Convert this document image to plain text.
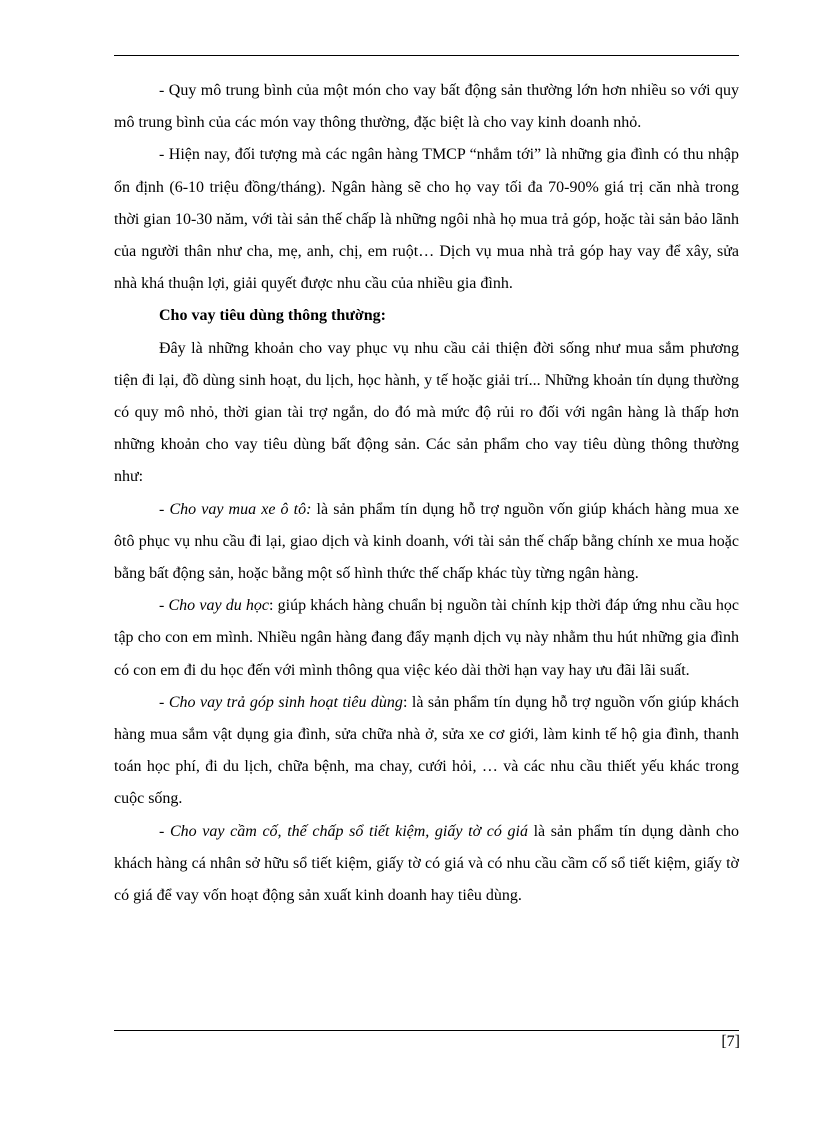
- Quy mô trung bình của một món cho vay bất động sản thường lớn hơn nhiều so với quy mô trung bình của các món vay thông thường, đặc biệt là cho vay kinh doanh nhỏ.

- Hiện nay, đối tượng mà các ngân hàng TMCP “nhắm tới” là những gia đình có thu nhập ổn định (6-10 triệu đồng/tháng). Ngân hàng sẽ cho họ vay tối đa 70-90% giá trị căn nhà trong thời gian 10-30 năm, với tài sản thế chấp là những ngôi nhà họ mua trả góp, hoặc tài sản bảo lãnh của người thân như cha, mẹ, anh, chị, em ruột… Dịch vụ mua nhà trả góp hay vay để xây, sửa nhà khá thuận lợi, giải quyết được nhu cầu của nhiều gia đình.

Cho vay tiêu dùng thông thường:

Đây là những khoản cho vay phục vụ nhu cầu cải thiện đời sống như mua sắm phương tiện đi lại, đồ dùng sinh hoạt, du lịch, học hành, y tế hoặc giải trí... Những khoản tín dụng thường có quy mô nhỏ, thời gian tài trợ ngắn, do đó mà mức độ rủi ro đối với ngân hàng là thấp hơn những khoản cho vay tiêu dùng bất động sản. Các sản phẩm cho vay tiêu dùng thông thường như:

- Cho vay mua xe ô tô: là sản phẩm tín dụng hỗ trợ nguồn vốn giúp khách hàng mua xe ôtô phục vụ nhu cầu đi lại, giao dịch và kinh doanh, với tài sản thế chấp bằng chính xe mua hoặc bằng bất động sản, hoặc bằng một số hình thức thế chấp khác tùy từng ngân hàng.

- Cho vay du học: giúp khách hàng chuẩn bị nguồn tài chính kịp thời đáp ứng nhu cầu học tập cho con em mình. Nhiều ngân hàng đang đẩy mạnh dịch vụ này nhằm thu hút những gia đình có con em đi du học đến với mình thông qua việc kéo dài thời hạn vay hay ưu đãi lãi suất.

- Cho vay trả góp sinh hoạt tiêu dùng: là sản phẩm tín dụng hỗ trợ nguồn vốn giúp khách hàng mua sắm vật dụng gia đình, sửa chữa nhà ở, sửa xe cơ giới, làm kinh tế hộ gia đình, thanh toán học phí, đi du lịch, chữa bệnh, ma chay, cưới hỏi, … và các nhu cầu thiết yếu khác trong cuộc sống.

- Cho vay cầm cố, thế chấp sổ tiết kiệm, giấy tờ có giá là sản phẩm tín dụng dành cho khách hàng cá nhân sở hữu sổ tiết kiệm, giấy tờ có giá và có nhu cầu cầm cố sổ tiết kiệm, giấy tờ có giá để vay vốn hoạt động sản xuất kinh doanh hay tiêu dùng.

[7]
